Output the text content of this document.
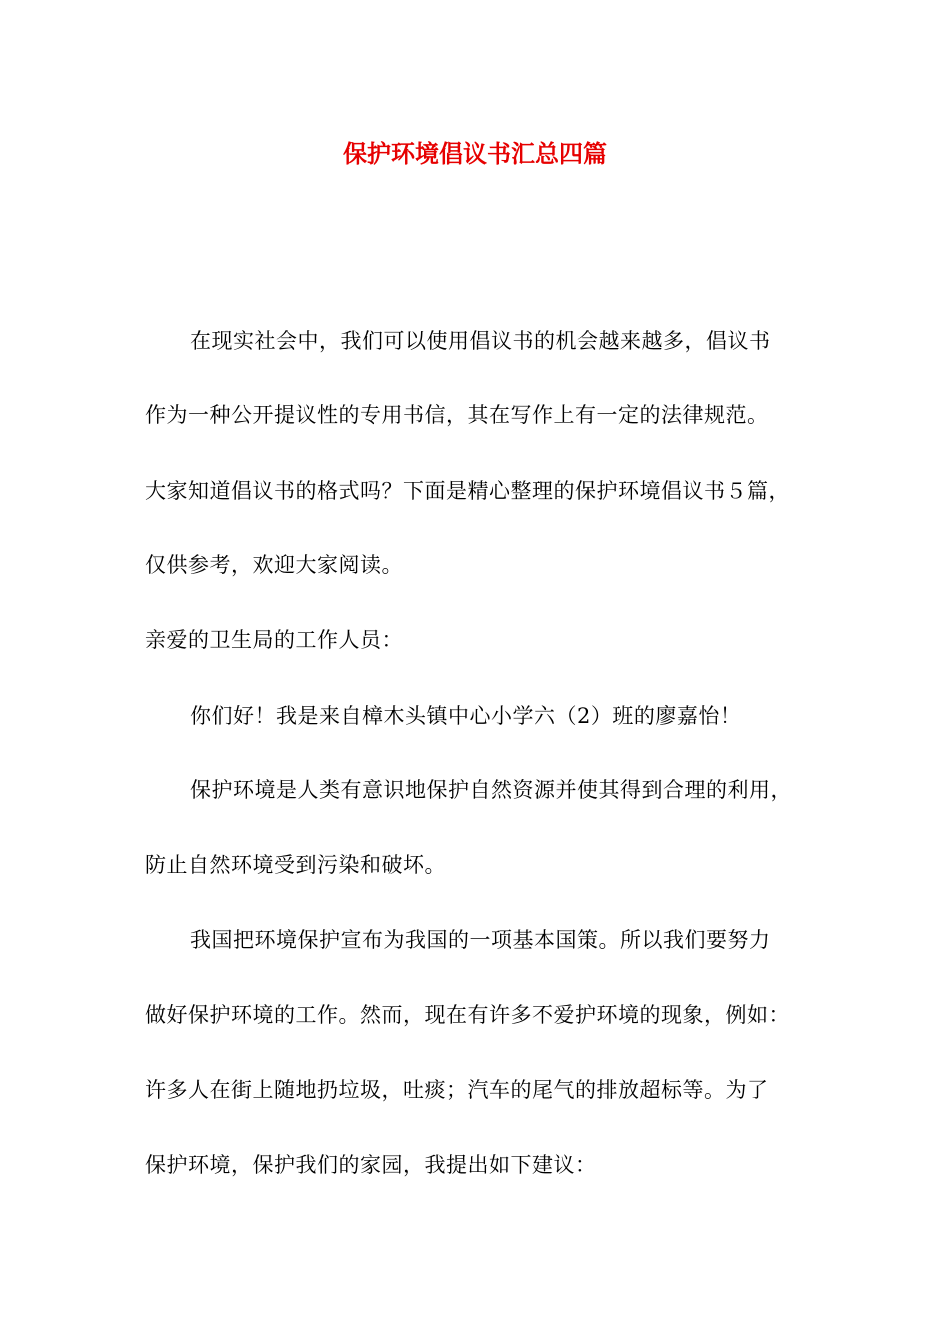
保护环境倡议书汇总四篇
在现实社会中，我们可以使用倡议书的机会越来越多，倡议书
作为一种公开提议性的专用书信，其在写作上有一定的法律规范。
大家知道倡议书的格式吗？下面是精心整理的保护环境倡议书５篇，
仅供参考，欢迎大家阅读。
亲爱的卫生局的工作人员：
你们好！我是来自樟木头镇中心小学六（2）班的廖嘉怡！
保护环境是人类有意识地保护自然资源并使其得到合理的利用，
防止自然环境受到污染和破坏。
我国把环境保护宣布为我国的一项基本国策。所以我们要努力
做好保护环境的工作。然而，现在有许多不爱护环境的现象，例如：
许多人在街上随地扔垃圾，吐痰；汽车的尾气的排放超标等。为了
保护环境，保护我们的家园，我提出如下建议：
